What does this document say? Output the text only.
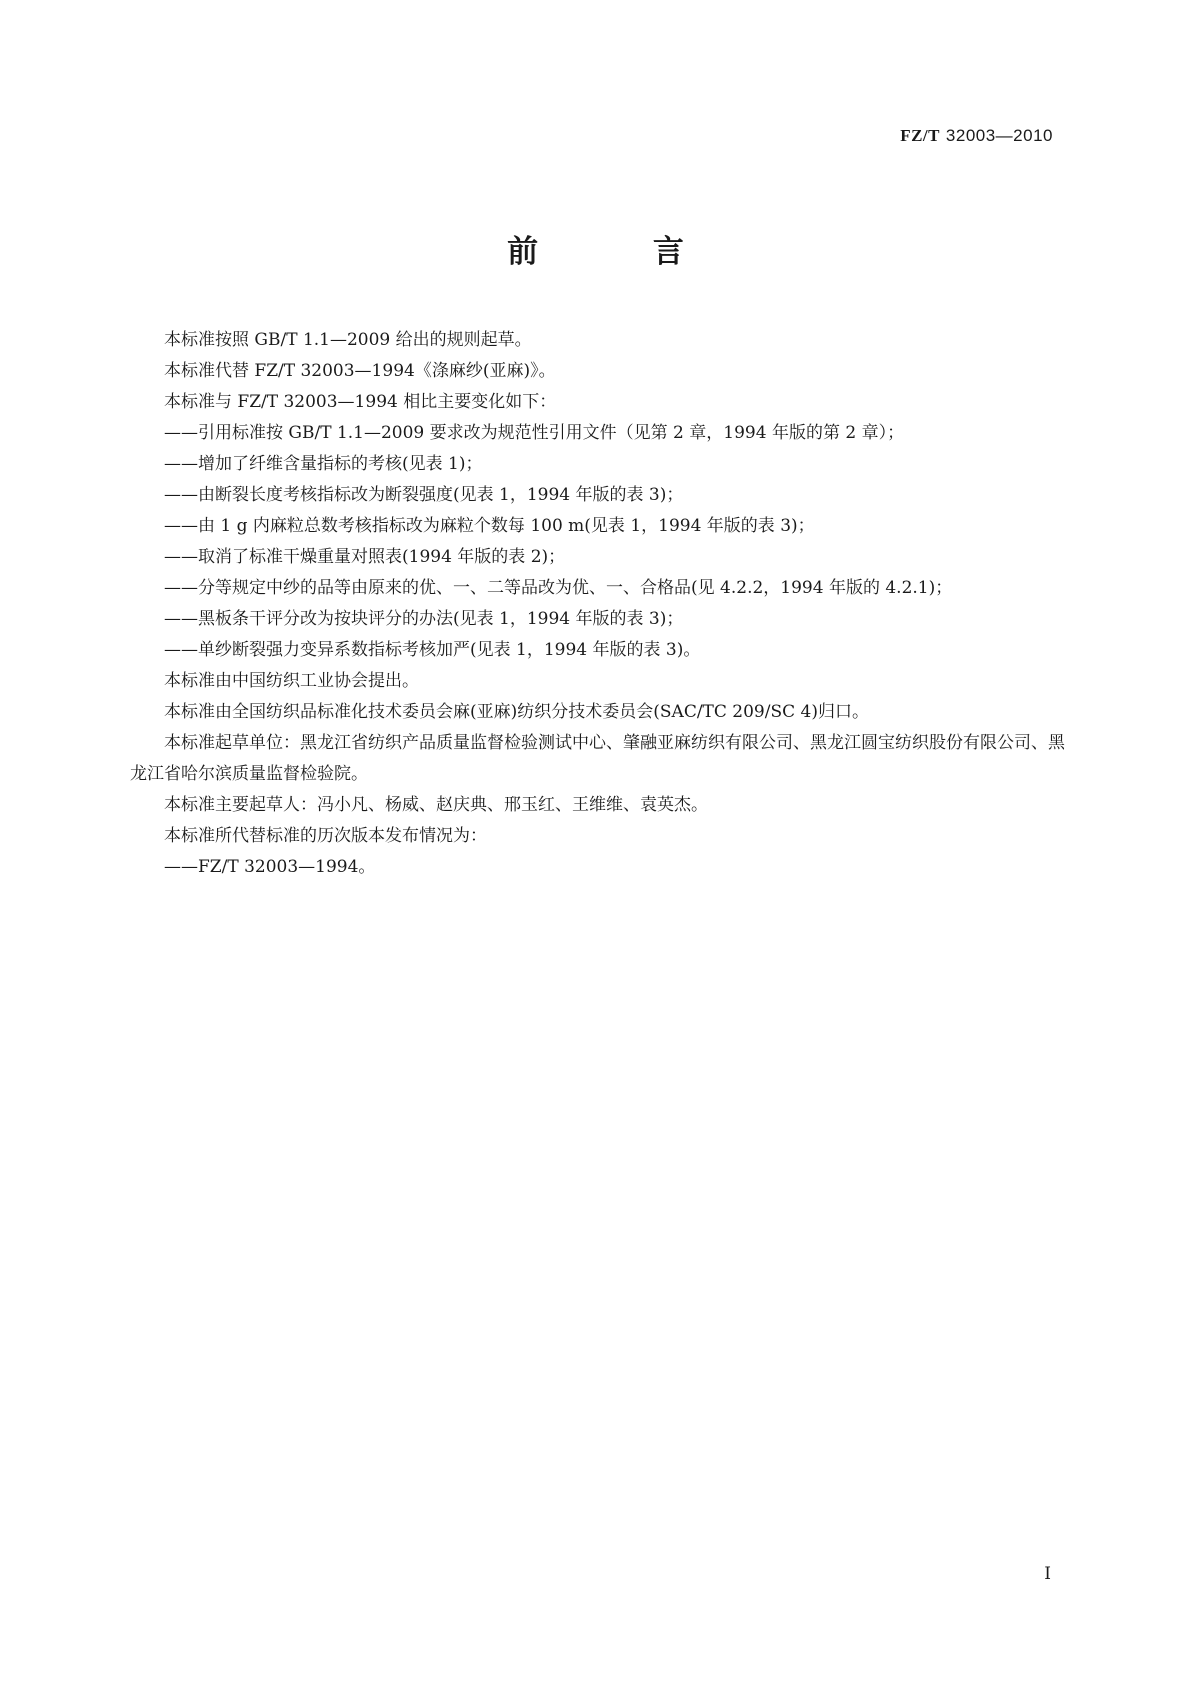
FZ/T 32003—2010
前 言

本标准按照 GB/T 1.1—2009 给出的规则起草。

本标准代替 FZ/T 32003—1994《涤麻纱(亚麻)》。

本标准与 FZ/T 32003—1994 相比主要变化如下：

——引用标准按 GB/T 1.1—2009 要求改为规范性引用文件（见第 2 章，1994 年版的第 2 章）；

——增加了纤维含量指标的考核(见表 1)；

——由断裂长度考核指标改为断裂强度(见表 1，1994 年版的表 3)；

——由 1 g 内麻粒总数考核指标改为麻粒个数每 100 m(见表 1，1994 年版的表 3)；

——取消了标准干燥重量对照表(1994 年版的表 2)；

——分等规定中纱的品等由原来的优、一、二等品改为优、一、合格品(见 4.2.2，1994 年版的 4.2.1)；

——黑板条干评分改为按块评分的办法(见表 1，1994 年版的表 3)；

——单纱断裂强力变异系数指标考核加严(见表 1，1994 年版的表 3)。

本标准由中国纺织工业协会提出。

本标准由全国纺织品标准化技术委员会麻(亚麻)纺织分技术委员会(SAC/TC 209/SC 4)归口。

本标准起草单位：黑龙江省纺织产品质量监督检验测试中心、肇融亚麻纺织有限公司、黑龙江圆宝纺织股份有限公司、黑龙江省哈尔滨质量监督检验院。

本标准主要起草人：冯小凡、杨威、赵庆典、邢玉红、王维维、袁英杰。

本标准所代替标准的历次版本发布情况为：

——FZ/T 32003—1994。

I
